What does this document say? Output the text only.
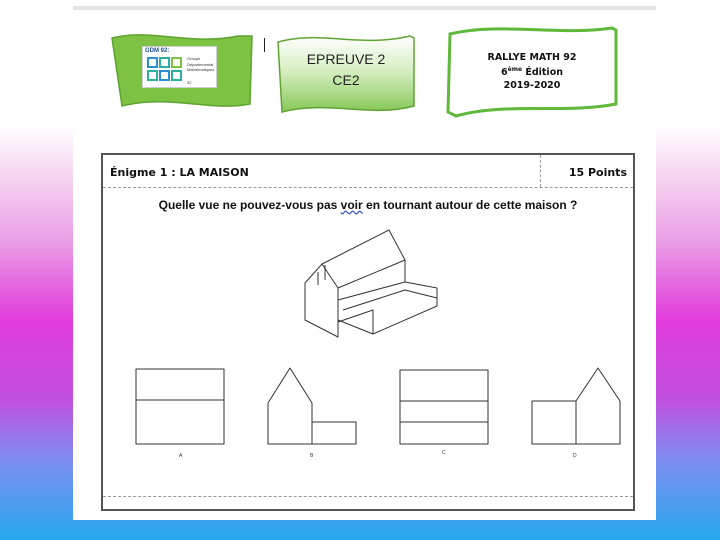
GDM 92:
Groupe
Départemental
Mathématiques
92
EPREUVE 2
CE2
RALLYE MATH 92
6ème Édition
2019-2020
Énigme 1 : LA MAISON	15 Points
Quelle vue ne pouvez-vous pas voir en tournant autour de cette maison ?
A	B	C	D
